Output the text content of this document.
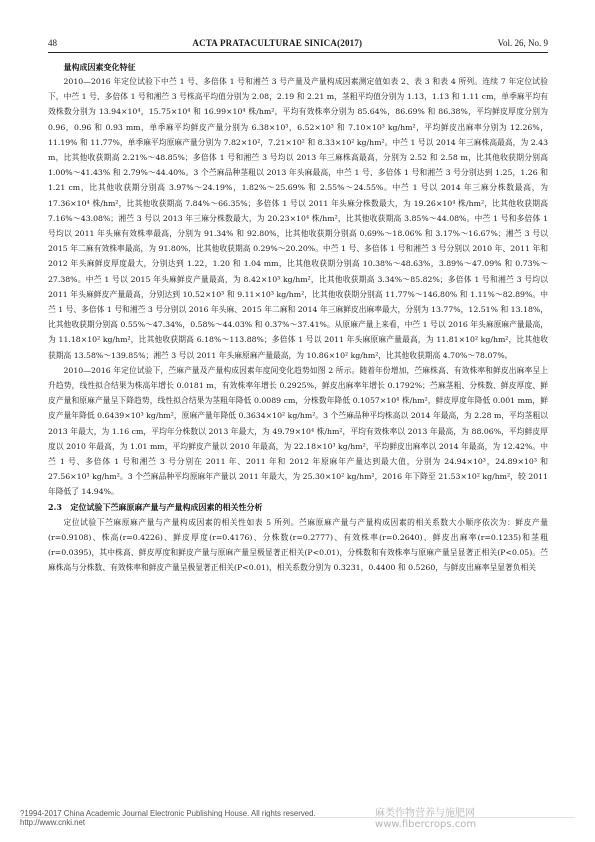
48	ACTA PRATACULTURAE SINICA(2017)	Vol. 26, No. 9

量构成因素变化特征

2010—2016 年定位试验下中苎 1 号、多倍体 1 号和湘苎 3 号产量及产量构成因素测定值如表 2、表 3 和表 4 所列。连续 7 年定位试验下，中苎 1 号、多倍体 1 号和湘苎 3 号株高平均值分别为 2.08，2.19 和 2.21 m，茎粗平均值分别为 1.13，1.13 和 1.11 cm，单季麻平均有效株数分别为 13.94×10⁴，15.75×10⁴ 和 16.99×10⁴ 株/hm²，平均有效株率分别为 85.64%，86.69% 和 86.38%，平均鲜皮厚度分别为 0.96，0.96 和 0.93 mm，单季麻平均鲜皮产量分别为 6.38×10³，6.52×10³ 和 7.10×10³ kg/hm²，平均鲜皮出麻率分别为 12.26%，11.19% 和 11.77%，单季麻平均原麻产量分别为 7.82×10²，7.21×10² 和 8.33×10² kg/hm²。中苎 1 号以 2014 年三麻株高最高，为 2.43 m，比其他收获期高 2.21%～48.85%；多倍体 1 号和湘苎 3 号均以 2013 年三麻株高最高，分别为 2.52 和 2.58 m，比其他收获期分别高 1.00%～41.43% 和 2.79%～44.40%。3 个苎麻品种茎粗以 2013 年头麻最高，中苎 1 号、多倍体 1 号和湘苎 3 号分别达到 1.25，1.26 和 1.21 cm，比其他收获期分别高 3.97%～24.19%，1.82%～25.69% 和 2.55%～24.55%。中苎 1 号以 2014 年三麻分株数最高，为 17.36×10⁴ 株/hm²，比其他收获期高 7.84%～66.35%；多倍体 1 号以 2011 年头麻分株数最大，为 19.26×10⁴ 株/hm²，比其他收获期高 7.16%～43.08%；湘苎 3 号以 2013 年三麻分株数最大，为 20.23×10⁴ 株/hm²，比其他收获期高 3.85%～44.08%。中苎 1 号和多倍体 1 号均以 2011 年头麻有效株率最高，分别为 91.34% 和 92.80%，比其他收获期分别高 0.69%～18.06% 和 3.17%～16.67%；湘苎 3 号以 2015 年二麻有效株率最高，为 91.80%，比其他收获期高 0.29%～20.20%。中苎 1 号、多倍体 1 号和湘苎 3 号分别以 2010 年、2011 年和 2012 年头麻鲜皮厚度最大，分别达到 1.22，1.20 和 1.04 mm，比其他收获期分别高 10.38%～48.63%，3.89%～47.09% 和 0.73%～27.38%。中苎 1 号以 2015 年头麻鲜皮产量最高，为 8.42×10³ kg/hm²，比其他收获期高 3.34%～85.82%；多倍体 1 号和湘苎 3 号均以 2011 年头麻鲜皮产量最高，分别达到 10.52×10³ 和 9.11×10³ kg/hm²，比其他收获期分别高 11.77%～146.80% 和 1.11%～82.89%。中苎 1 号、多倍体 1 号和湘苎 3 号分别以 2016 年头麻、2015 年二麻和 2014 年三麻鲜皮出麻率最大，分别为 13.77%，12.51% 和 13.18%，比其他收获期分别高 0.55%～47.34%，0.58%～44.03% 和 0.37%～37.41%。从原麻产量上来看，中苎 1 号以 2016 年头麻原麻产量最高，为 11.18×10² kg/hm²，比其他收获期高 6.18%～113.88%；多倍体 1 号以 2011 年头麻原麻产量最高，为 11.81×10² kg/hm²，比其他收获期高 13.58%～139.85%；湘苎 3 号以 2011 年头麻原麻产量最高，为 10.86×10² kg/hm²，比其他收获期高 4.70%～78.07%。

2010—2016 年定位试验下，苎麻产量及产量构成因素年度间变化趋势如图 2 所示。随着年份增加，苎麻株高、有效株率和鲜皮出麻率呈上升趋势，线性拟合结果为株高年增长 0.0181 m，有效株率年增长 0.2925%，鲜皮出麻率年增长 0.1792%；苎麻茎粗、分株数、鲜皮厚度、鲜皮产量和原麻产量呈下降趋势，线性拟合结果为茎粗年降低 0.0089 cm，分株数年降低 0.1057×10⁴ 株/hm²，鲜皮厚度年降低 0.001 mm，鲜皮产量年降低 0.6439×10³ kg/hm²，原麻产量年降低 0.3634×10² kg/hm²。3 个苎麻品种平均株高以 2014 年最高，为 2.28 m，平均茎粗以 2013 年最大，为 1.16 cm，平均年分株数以 2013 年最大，为 49.79×10⁴ 株/hm²，平均有效株率以 2013 年最高，为 88.06%，平均鲜皮厚度以 2010 年最高，为 1.01 mm，平均鲜皮产量以 2010 年最高，为 22.18×10³ kg/hm²，平均鲜皮出麻率以 2014 年最高，为 12.42%。中苎 1 号、多倍体 1 号和湘苎 3 号分别在 2011 年、2011 年和 2012 年原麻年产量达到最大值，分别为 24.94×10³，24.89×10³ 和 27.56×10³ kg/hm²。3 个苎麻品种平均原麻年产量以 2011 年最大，为 25.30×10² kg/hm²，2016 年下降至 21.53×10² kg/hm²，较 2011 年降低了 14.94%。

2.3 定位试验下苎麻原麻产量与产量构成因素的相关性分析

定位试验下苎麻原麻产量与产量构成因素的相关性如表 5 所列。苎麻原麻产量与产量构成因素的相关系数大小顺序依次为：鲜皮产量(r=0.9108)、株高(r=0.4226)、鲜皮厚度(r=0.4176)、分株数(r=0.2777)、有效株率(r=0.2640)、鲜皮出麻率(r=0.1235)和茎粗(r=0.0395)，其中株高、鲜皮厚度和鲜皮产量与原麻产量呈极显著正相关(P<0.01)，分株数和有效株率与原麻产量呈显著正相关(P<0.05)。苎麻株高与分株数、有效株率和鲜皮产量呈极显著正相关(P<0.01)，相关系数分别为 0.3231，0.4400 和 0.5260，与鲜皮出麻率呈显著负相关

?1994-2017 China Academic Journal Electronic Publishing House. All rights reserved. http://www.cnki.net
麻类作物营养与施肥网 www.fibercrops.com
